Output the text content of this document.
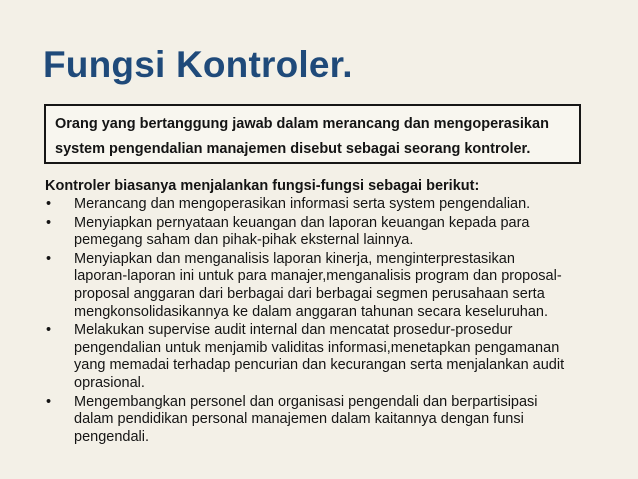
Fungsi Kontroler.
Orang yang bertanggung jawab dalam merancang dan mengoperasikan
system pengendalian manajemen disebut sebagai seorang kontroler.
Kontroler biasanya menjalankan fungsi-fungsi sebagai berikut:
• Merancang dan mengoperasikan informasi serta system pengendalian.
• Menyiapkan pernyataan keuangan dan laporan keuangan kepada para
pemegang saham dan pihak-pihak eksternal lainnya.
• Menyiapkan dan menganalisis laporan kinerja, menginterprestasikan
laporan-laporan ini untuk para manajer,menganalisis program dan proposal-
proposal anggaran dari berbagai dari berbagai segmen perusahaan serta
mengkonsolidasikannya ke dalam anggaran tahunan secara keseluruhan.
• Melakukan supervise audit internal dan mencatat prosedur-prosedur
pengendalian untuk menjamib validitas informasi,menetapkan pengamanan
yang memadai terhadap pencurian dan kecurangan serta menjalankan audit
oprasional.
• Mengembangkan personel dan organisasi pengendali dan berpartisipasi
dalam pendidikan personal manajemen dalam kaitannya dengan funsi
pengendali.
